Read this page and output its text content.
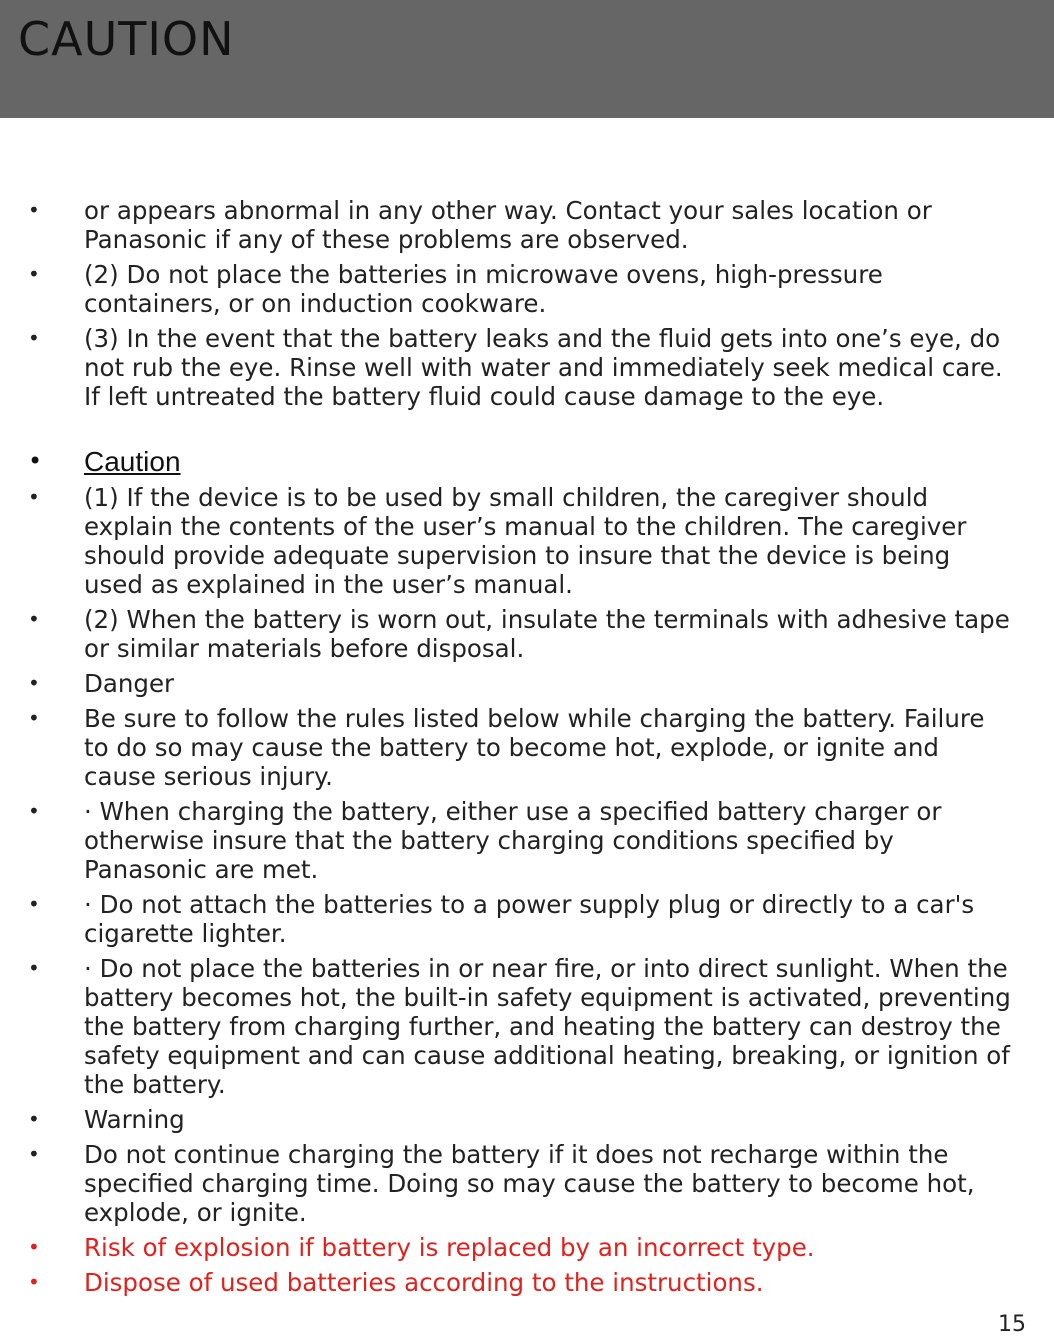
CAUTION
• or appears abnormal in any other way. Contact your sales location or Panasonic if any of these problems are observed.
• (2) Do not place the batteries in microwave ovens, high-pressure containers, or on induction cookware.
• (3) In the event that the battery leaks and the fluid gets into one’s eye, do not rub the eye. Rinse well with water and immediately seek medical care. If left untreated the battery fluid could cause damage to the eye.
• Caution
• (1) If the device is to be used by small children, the caregiver should explain the contents of the user’s manual to the children. The caregiver should provide adequate supervision to insure that the device is being used as explained in the user’s manual.
• (2) When the battery is worn out, insulate the terminals with adhesive tape or similar materials before disposal.
• Danger
• Be sure to follow the rules listed below while charging the battery. Failure to do so may cause the battery to become hot, explode, or ignite and cause serious injury.
• · When charging the battery, either use a specified battery charger or otherwise insure that the battery charging conditions specified by Panasonic are met.
• · Do not attach the batteries to a power supply plug or directly to a car's cigarette lighter.
• · Do not place the batteries in or near fire, or into direct sunlight. When the battery becomes hot, the built-in safety equipment is activated, preventing the battery from charging further, and heating the battery can destroy the safety equipment and can cause additional heating, breaking, or ignition of the battery.
• Warning
• Do not continue charging the battery if it does not recharge within the specified charging time. Doing so may cause the battery to become hot, explode, or ignite.
• Risk of explosion if battery is replaced by an incorrect type.
• Dispose of used batteries according to the instructions.
15
